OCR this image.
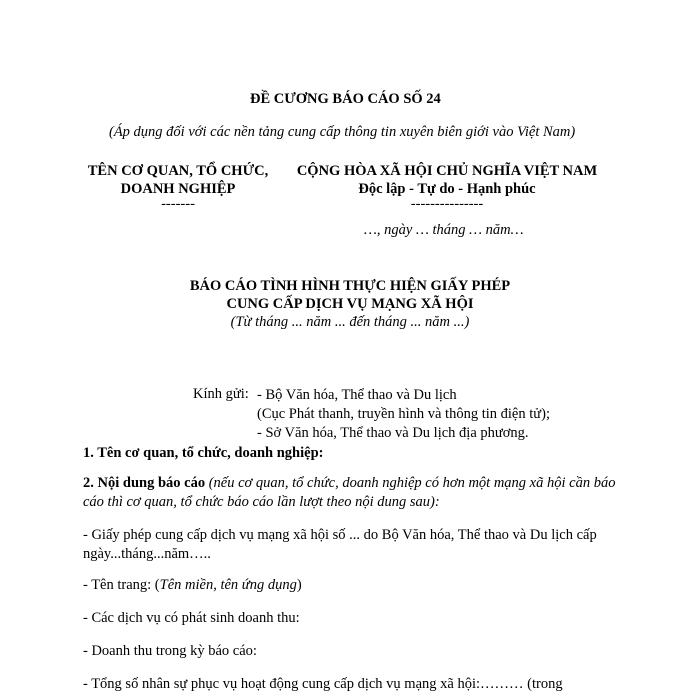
ĐỀ CƯƠNG BÁO CÁO SỐ 24
(Áp dụng đối với các nền tảng cung cấp thông tin xuyên biên giới vào Việt Nam)
TÊN CƠ QUAN, TỔ CHỨC,
DOANH NGHIỆP
-------
CỘNG HÒA XÃ HỘI CHỦ NGHĨA VIỆT NAM
Độc lập - Tự do - Hạnh phúc
---------------
…, ngày … tháng … năm…
BÁO CÁO TÌNH HÌNH THỰC HIỆN GIẤY PHÉP
CUNG CẤP DỊCH VỤ MẠNG XÃ HỘI
(Từ tháng ... năm ... đến tháng ... năm ...)
Kính gửi: - Bộ Văn hóa, Thể thao và Du lịch
(Cục Phát thanh, truyền hình và thông tin điện tử);
- Sở Văn hóa, Thể thao và Du lịch địa phương.
1. Tên cơ quan, tổ chức, doanh nghiệp:
2. Nội dung báo cáo (nếu cơ quan, tổ chức, doanh nghiệp có hơn một mạng xã hội cần báo cáo thì cơ quan, tổ chức báo cáo lần lượt theo nội dung sau):
- Giấy phép cung cấp dịch vụ mạng xã hội số ... do Bộ Văn hóa, Thể thao và Du lịch cấp ngày...tháng...năm…..
- Tên trang: (Tên miền, tên ứng dụng)
- Các dịch vụ có phát sinh doanh thu:
- Doanh thu trong kỳ báo cáo:
- Tổng số nhân sự phục vụ hoạt động cung cấp dịch vụ mạng xã hội:……… (trong
